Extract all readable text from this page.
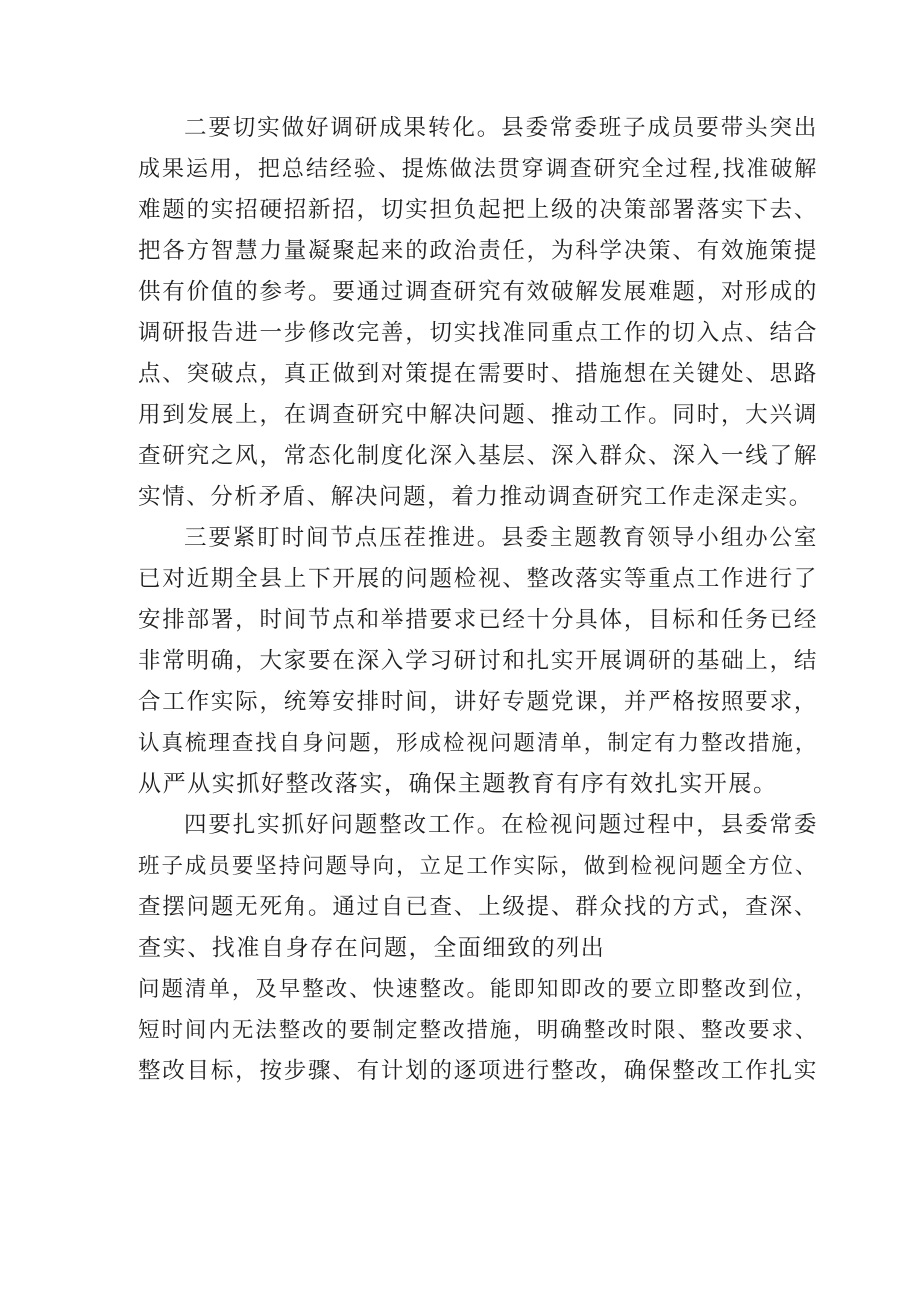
二要切实做好调研成果转化。县委常委班子成员要带头突出
成果运用，把总结经验、提炼做法贯穿调查研究全过程,找准破解
难题的实招硬招新招，切实担负起把上级的决策部署落实下去、
把各方智慧力量凝聚起来的政治责任，为科学决策、有效施策提
供有价值的参考。要通过调查研究有效破解发展难题，对形成的
调研报告进一步修改完善，切实找准同重点工作的切入点、结合
点、突破点，真正做到对策提在需要时、措施想在关键处、思路
用到发展上，在调查研究中解决问题、推动工作。同时，大兴调
查研究之风，常态化制度化深入基层、深入群众、深入一线了解
实情、分析矛盾、解决问题，着力推动调查研究工作走深走实。
三要紧盯时间节点压茬推进。县委主题教育领导小组办公室
已对近期全县上下开展的问题检视、整改落实等重点工作进行了
安排部署，时间节点和举措要求已经十分具体，目标和任务已经
非常明确，大家要在深入学习研讨和扎实开展调研的基础上，结
合工作实际，统筹安排时间，讲好专题党课，并严格按照要求，
认真梳理查找自身问题，形成检视问题清单，制定有力整改措施，
从严从实抓好整改落实，确保主题教育有序有效扎实开展。
四要扎实抓好问题整改工作。在检视问题过程中，县委常委
班子成员要坚持问题导向，立足工作实际，做到检视问题全方位、
查摆问题无死角。通过自已查、上级提、群众找的方式，查深、
查实、找准自身存在问题，全面细致的列出
问题清单，及早整改、快速整改。能即知即改的要立即整改到位，
短时间内无法整改的要制定整改措施，明确整改时限、整改要求、
整改目标，按步骤、有计划的逐项进行整改，确保整改工作扎实
